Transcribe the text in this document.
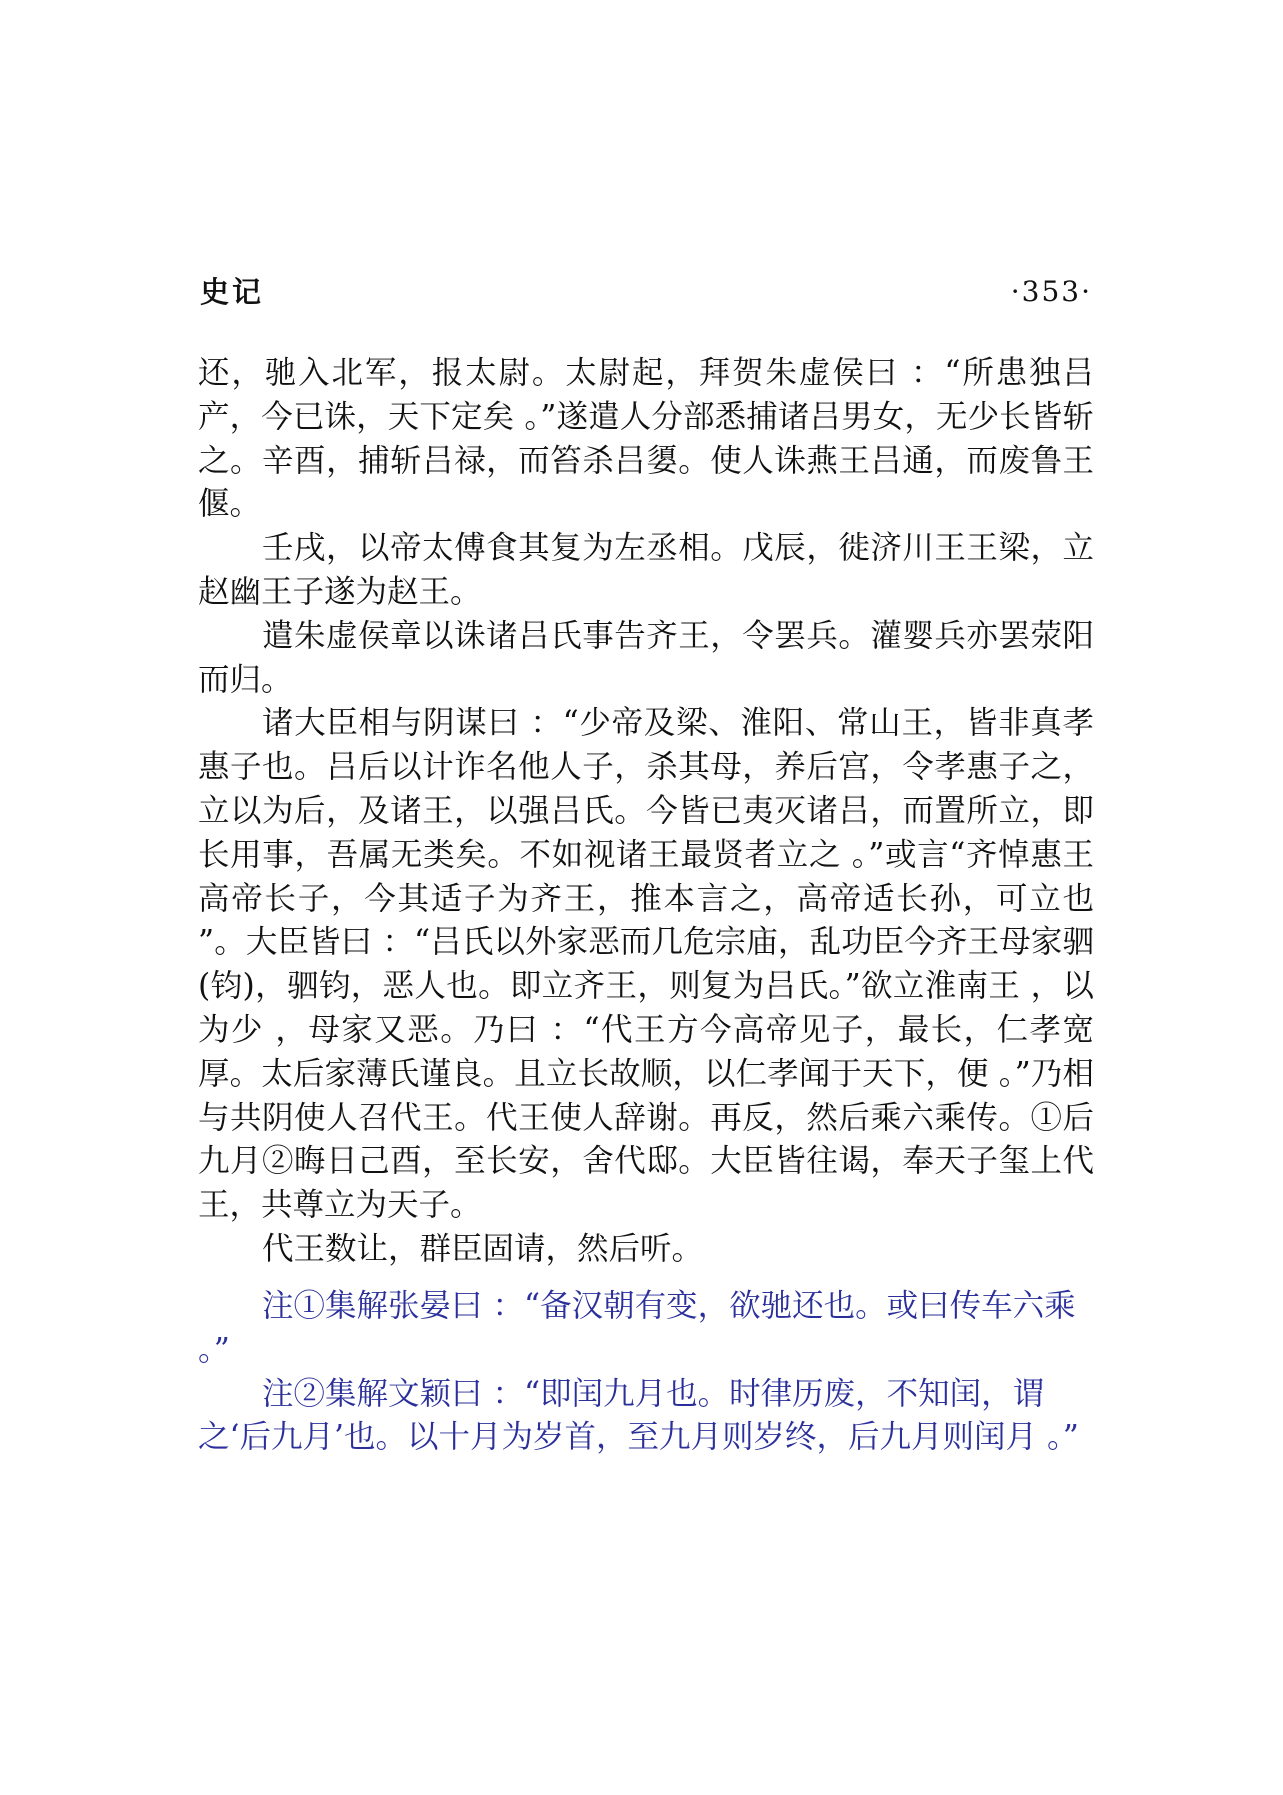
史记	·353·

还，驰入北军，报太尉。太尉起，拜贺朱虚侯曰 ：“所患独吕产，今已诛，天下定矣 。”遂遣人分部悉捕诸吕男女，无少长皆斩之。辛酉，捕斩吕禄，而笞杀吕嬃。使人诛燕王吕通，而废鲁王偃。

壬戌，以帝太傅食其复为左丞相。戊辰，徙济川王王梁，立赵幽王子遂为赵王。

遣朱虚侯章以诛诸吕氏事告齐王，令罢兵。灌婴兵亦罢荥阳而归。

诸大臣相与阴谋曰 ：“少帝及梁、淮阳、常山王，皆非真孝惠子也。吕后以计诈名他人子，杀其母，养后宫，令孝惠子之，立以为后，及诸王，以强吕氏。今皆已夷灭诸吕，而置所立，即长用事，吾属无类矣。不如视诸王最贤者立之 。”或言“齐悼惠王高帝长子，今其适子为齐王，推本言之，高帝适长孙，可立也 ”。大臣皆曰 ：“吕氏以外家恶而几危宗庙，乱功臣今齐王母家驷(钧)，驷钧，恶人也。即立齐王，则复为吕氏。”欲立淮南王 ，以为少 ，母家又恶。乃曰 ：“代王方今高帝见子，最长，仁孝宽厚。太后家薄氏谨良。且立长故顺，以仁孝闻于天下，便 。”乃相与共阴使人召代王。代王使人辞谢。再反，然后乘六乘传。①后九月②晦日己酉，至长安，舍代邸。大臣皆往谒，奉天子玺上代王，共尊立为天子。

代王数让，群臣固请，然后听。

注①集解张晏曰 ：“备汉朝有变，欲驰还也。或曰传车六乘 。”

注②集解文颖曰 ：“即闰九月也。时律历废，不知闰，谓之‘后九月’也。以十月为岁首，至九月则岁终，后九月则闰月 。”
